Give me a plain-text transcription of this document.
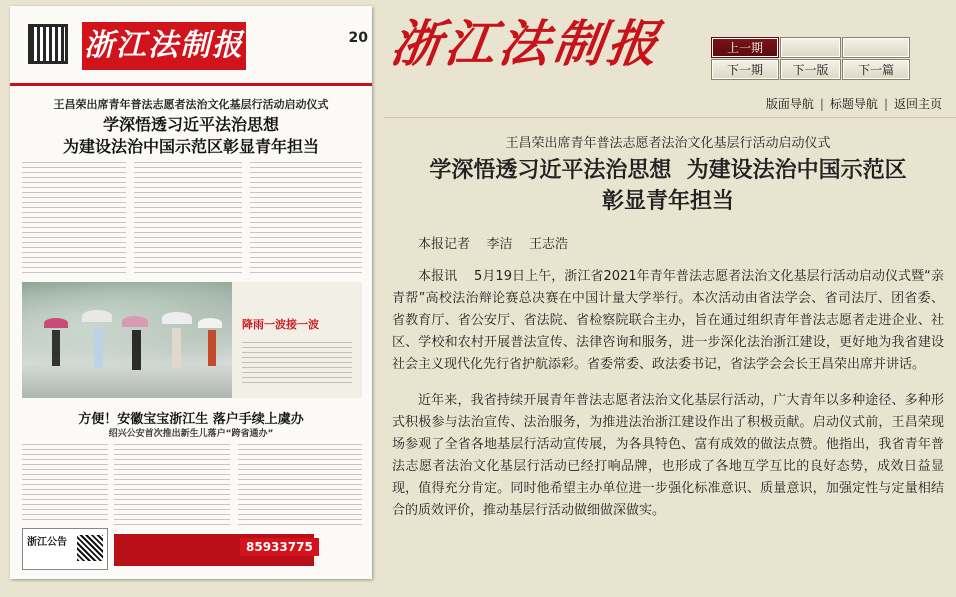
浙江法制报	20
王昌荣出席青年普法志愿者法治文化基层行活动启动仪式
学深悟透习近平法治思想
为建设法治中国示范区彰显青年担当
降雨一波接一波
方便！安徽宝宝浙江生 落户手续上虞办
绍兴公安首次推出新生儿落户“跨省通办”
浙江公告	85933775
浙江法制报	上一期
下一期	下一版	下一篇
版面导航 | 标题导航 | 返回主页
王昌荣出席青年普法志愿者法治文化基层行活动启动仪式
学深悟透习近平法治思想  为建设法治中国示范区
彰显青年担当
本报记者    李洁    王志浩

本报讯    5月19日上午，浙江省2021年青年普法志愿者法治文化基层行活动启动仪式暨“亲青帮”高校法治辩论赛总决赛在中国计量大学举行。本次活动由省法学会、省司法厅、团省委、省教育厅、省公安厅、省法院、省检察院联合主办，旨在通过组织青年普法志愿者走进企业、社区、学校和农村开展普法宣传、法律咨询和服务，进一步深化法治浙江建设，更好地为我省建设社会主义现代化先行省护航添彩。省委常委、政法委书记，省法学会会长王昌荣出席并讲话。

近年来，我省持续开展青年普法志愿者法治文化基层行活动，广大青年以多种途径、多种形式积极参与法治宣传、法治服务，为推进法治浙江建设作出了积极贡献。启动仪式前，王昌荣现场参观了全省各地基层行活动宣传展，为各具特色、富有成效的做法点赞。他指出，我省青年普法志愿者法治文化基层行活动已经打响品牌，也形成了各地互学互比的良好态势，成效日益显现，值得充分肯定。同时他希望主办单位进一步强化标准意识、质量意识，加强定性与定量相结合的质效评价，推动基层行活动做细做深做实。
